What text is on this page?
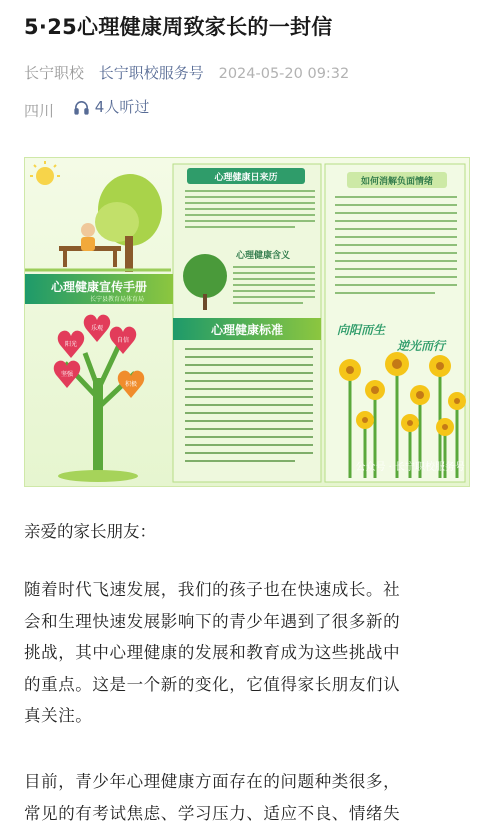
5·25心理健康周致家长的一封信
长宁职校 长宁职校服务号 2024-05-20 09:32
四川	4人听过
心理健康宣传手册
长宁县教育局体育局
阳光
乐观
自信
坚强
积极
心理健康日来历
心理健康含义
心理健康标准
如何消解负面情绪
向阳而生
逆光而行
公众号 · 长宁职校服务号
亲爱的家长朋友：
随着时代飞速发展，我们的孩子也在快速成长。社
会和生理快速发展影响下的青少年遇到了很多新的
挑战，其中心理健康的发展和教育成为这些挑战中
的重点。这是一个新的变化，它值得家长朋友们认
真关注。
目前，青少年心理健康方面存在的问题种类很多，
常见的有考试焦虑、学习压力、适应不良、情绪失
